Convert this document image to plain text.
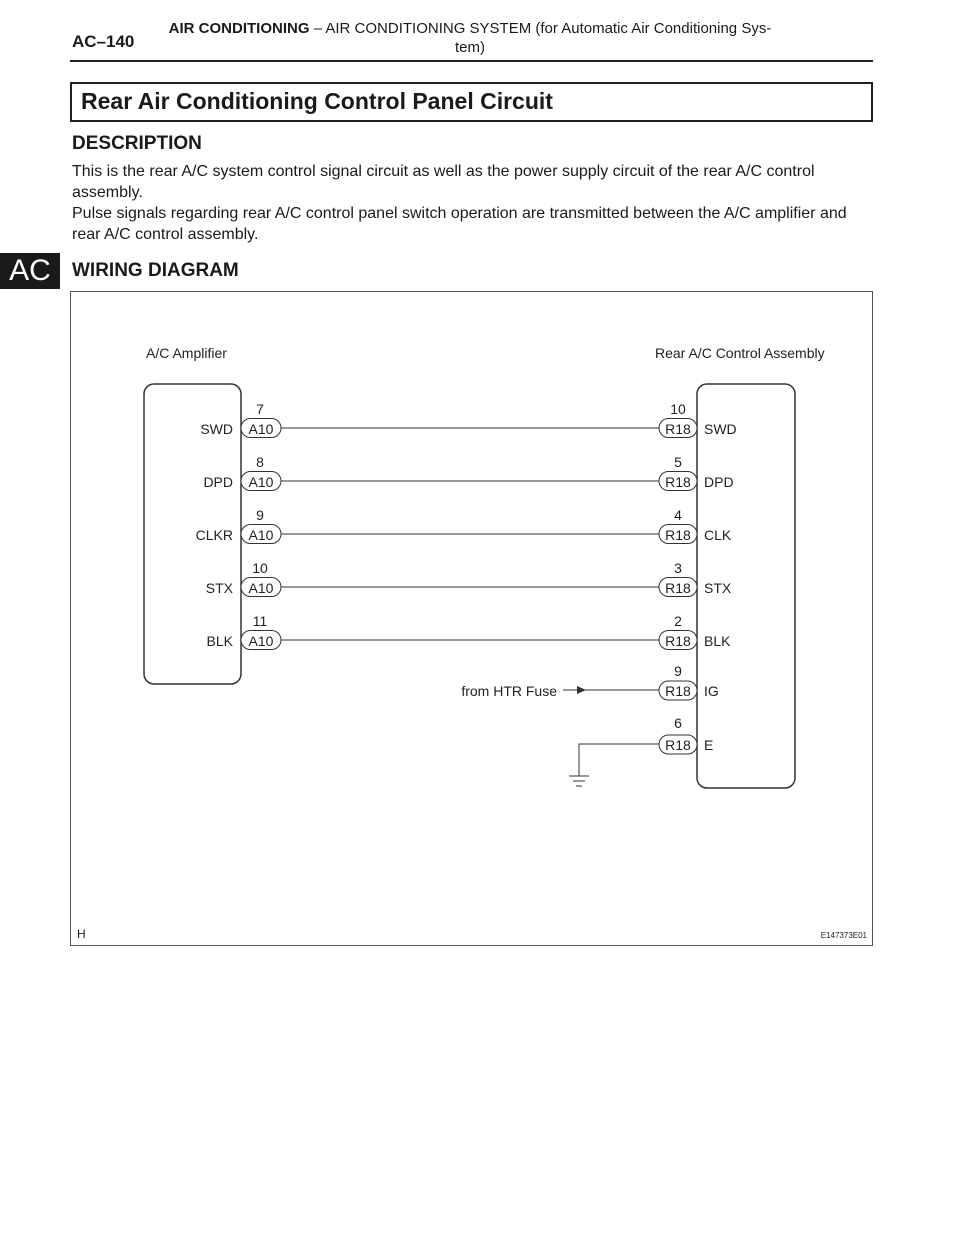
AC–140
AIR CONDITIONING – AIR CONDITIONING SYSTEM (for Automatic Air Conditioning Sys-
tem)
AC
Rear Air Conditioning Control Panel Circuit
DESCRIPTION
This is the rear A/C system control signal circuit as well as the power supply circuit of the rear A/C control assembly.
Pulse signals regarding rear A/C control panel switch operation are transmitted between the A/C amplifier and rear A/C control assembly.
WIRING DIAGRAM
A/C Amplifier	Rear A/C Control Assembly
7	10
SWD A10	R18 SWD
8	5
DPD A10	R18 DPD
9	4
CLKR A10	R18 CLK
10	3
STX A10	R18 STX
11	2
BLK A10	R18 BLK
9
from HTR Fuse	R18 IG
6
R18 E
H	E147373E01
